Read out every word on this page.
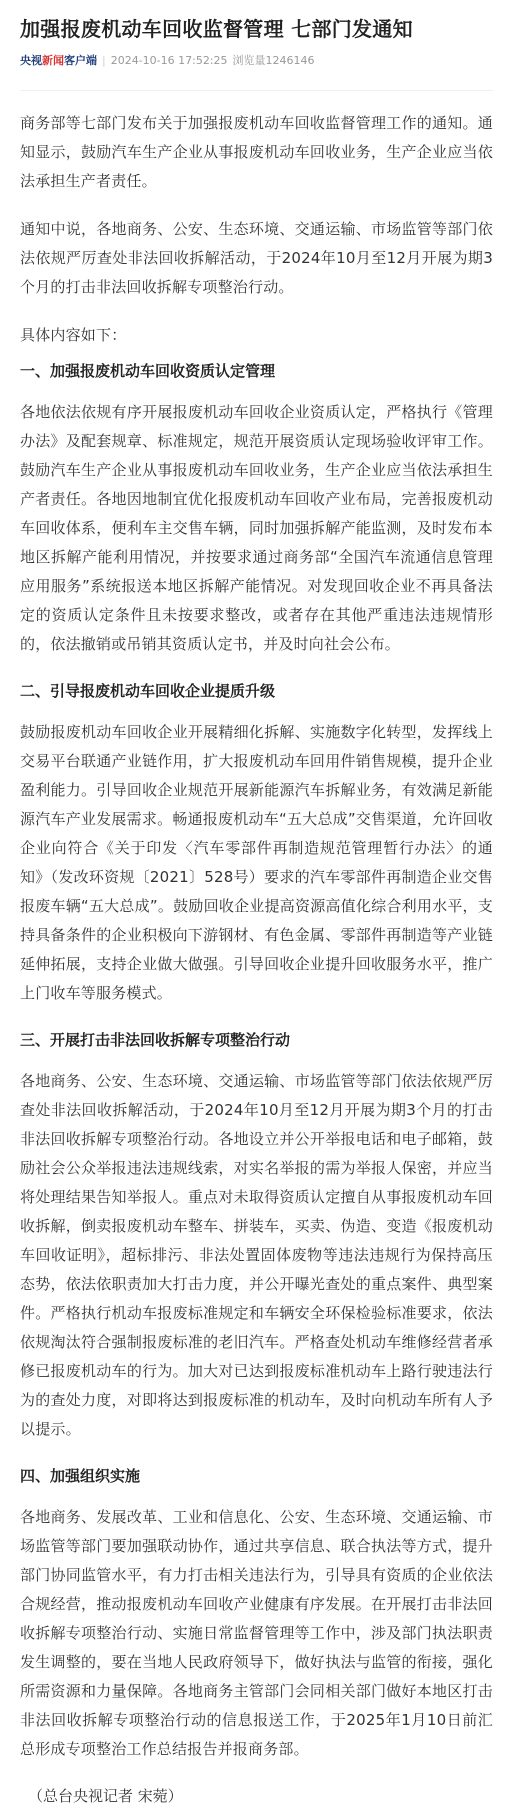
加强报废机动车回收监督管理 七部门发通知
央视新闻客户端 | 2024-10-16 17:52:25 浏览量1246146

商务部等七部门发布关于加强报废机动车回收监督管理工作的通知。通知显示，鼓励汽车生产企业从事报废机动车回收业务，生产企业应当依法承担生产者责任。

通知中说，各地商务、公安、生态环境、交通运输、市场监管等部门依法依规严厉查处非法回收拆解活动，于2024年10月至12月开展为期3个月的打击非法回收拆解专项整治行动。

具体内容如下：

一、加强报废机动车回收资质认定管理

各地依法依规有序开展报废机动车回收企业资质认定，严格执行《管理办法》及配套规章、标准规定，规范开展资质认定现场验收评审工作。鼓励汽车生产企业从事报废机动车回收业务，生产企业应当依法承担生产者责任。各地因地制宜优化报废机动车回收产业布局，完善报废机动车回收体系，便利车主交售车辆，同时加强拆解产能监测，及时发布本地区拆解产能利用情况，并按要求通过商务部“全国汽车流通信息管理应用服务”系统报送本地区拆解产能情况。对发现回收企业不再具备法定的资质认定条件且未按要求整改，或者存在其他严重违法违规情形的，依法撤销或吊销其资质认定书，并及时向社会公布。

二、引导报废机动车回收企业提质升级

鼓励报废机动车回收企业开展精细化拆解、实施数字化转型，发挥线上交易平台联通产业链作用，扩大报废机动车回用件销售规模，提升企业盈利能力。引导回收企业规范开展新能源汽车拆解业务，有效满足新能源汽车产业发展需求。畅通报废机动车“五大总成”交售渠道，允许回收企业向符合《关于印发〈汽车零部件再制造规范管理暂行办法〉的通知》（发改环资规〔2021〕528号）要求的汽车零部件再制造企业交售报废车辆“五大总成”。鼓励回收企业提高资源高值化综合利用水平，支持具备条件的企业积极向下游钢材、有色金属、零部件再制造等产业链延伸拓展，支持企业做大做强。引导回收企业提升回收服务水平，推广上门收车等服务模式。

三、开展打击非法回收拆解专项整治行动

各地商务、公安、生态环境、交通运输、市场监管等部门依法依规严厉查处非法回收拆解活动，于2024年10月至12月开展为期3个月的打击非法回收拆解专项整治行动。各地设立并公开举报电话和电子邮箱，鼓励社会公众举报违法违规线索，对实名举报的需为举报人保密，并应当将处理结果告知举报人。重点对未取得资质认定擅自从事报废机动车回收拆解，倒卖报废机动车整车、拼装车，买卖、伪造、变造《报废机动车回收证明》，超标排污、非法处置固体废物等违法违规行为保持高压态势，依法依职责加大打击力度，并公开曝光查处的重点案件、典型案件。严格执行机动车报废标准规定和车辆安全环保检验标准要求，依法依规淘汰符合强制报废标准的老旧汽车。严格查处机动车维修经营者承修已报废机动车的行为。加大对已达到报废标准机动车上路行驶违法行为的查处力度，对即将达到报废标准的机动车，及时向机动车所有人予以提示。

四、加强组织实施

各地商务、发展改革、工业和信息化、公安、生态环境、交通运输、市场监管等部门要加强联动协作，通过共享信息、联合执法等方式，提升部门协同监管水平，有力打击相关违法行为，引导具有资质的企业依法合规经营，推动报废机动车回收产业健康有序发展。在开展打击非法回收拆解专项整治行动、实施日常监督管理等工作中，涉及部门执法职责发生调整的，要在当地人民政府领导下，做好执法与监管的衔接，强化所需资源和力量保障。各地商务主管部门会同相关部门做好本地区打击非法回收拆解专项整治行动的信息报送工作，于2025年1月10日前汇总形成专项整治工作总结报告并报商务部。

（总台央视记者 宋菀）
